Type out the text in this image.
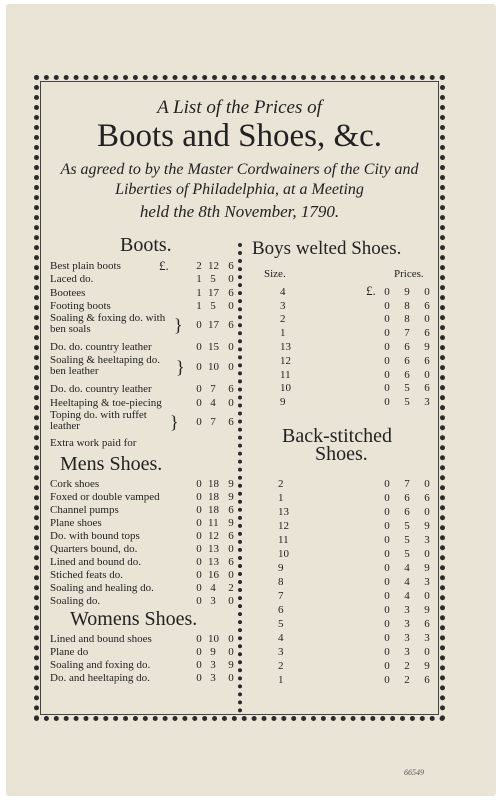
A List of the Prices of
Boots and Shoes, &c.
As agreed to by the Master Cordwainers of the City and Liberties of Philadelphia, at a Meeting
held the 8th November, 1790.
Boots.
£.
Best plain boots	2 12 6
Laced do.	1 5 0
Bootees	1 17 6
Footing boots	1 5 0
Soaling & foxing do. with ben soals	} 0 17 6
Do. do. country leather	0 15 0
Soaling & heeltaping do. ben leather	} 0 10 0
Do. do. country leather	0 7 6
Heeltaping & toe-piecing	0 4 0
Toping do. with ruffet leather	} 0 7 6
Extra work paid for
Mens Shoes.
Cork shoes	0 18 9
Foxed or double vamped	0 18 9
Channel pumps	0 18 6
Plane shoes	0 11 9
Do. with bound tops	0 12 6
Quarters bound, do.	0 13 0
Lined and bound do.	0 13 6
Stiched feats do.	0 16 0
Soaling and healing do.	0 4 2
Soaling do.	0 3 0
Womens Shoes.
Lined and bound shoes	0 10 0
Plane do	0 9 0
Soaling and foxing do.	0 3 9
Do. and heeltaping do.	0 3 0
Boys welted Shoes.
Size.	Prices.
£.
4	0 9 0
3	0 8 6
2	0 8 0
1	0 7 6
13	0 6 9
12	0 6 6
11	0 6 0
10	0 5 6
9	0 5 3
Back-stitched
Shoes.
2	0 7 0
1	0 6 6
13	0 6 0
12	0 5 9
11	0 5 3
10	0 5 0
9	0 4 9
8	0 4 3
7	0 4 0
6	0 3 9
5	0 3 6
4	0 3 3
3	0 3 0
2	0 2 9
1	0 2 6
66549
